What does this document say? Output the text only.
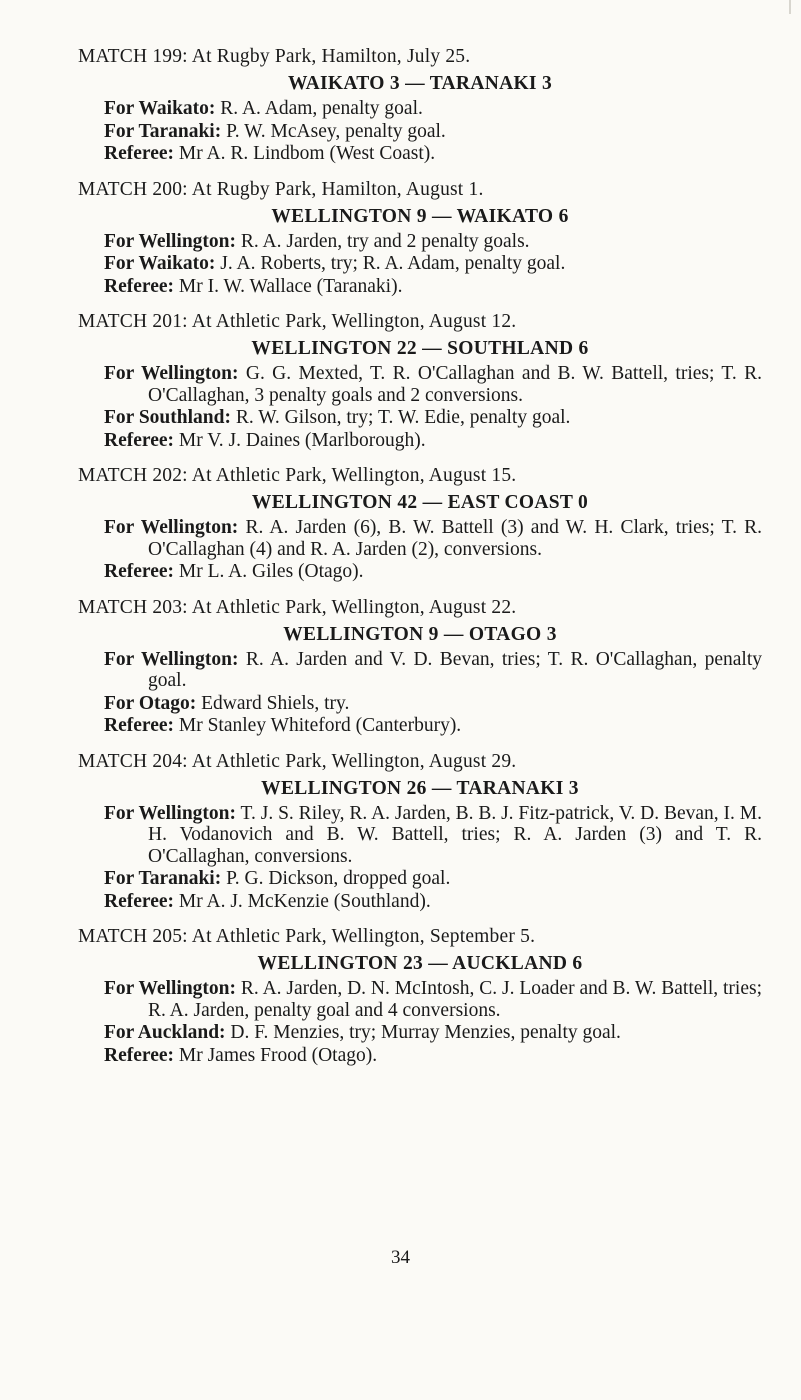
MATCH 199: At Rugby Park, Hamilton, July 25.
WAIKATO 3 — TARANAKI 3
For Waikato: R. A. Adam, penalty goal.
For Taranaki: P. W. McAsey, penalty goal.
Referee: Mr A. R. Lindbom (West Coast).
MATCH 200: At Rugby Park, Hamilton, August 1.
WELLINGTON 9 — WAIKATO 6
For Wellington: R. A. Jarden, try and 2 penalty goals.
For Waikato: J. A. Roberts, try; R. A. Adam, penalty goal.
Referee: Mr I. W. Wallace (Taranaki).
MATCH 201: At Athletic Park, Wellington, August 12.
WELLINGTON 22 — SOUTHLAND 6
For Wellington: G. G. Mexted, T. R. O'Callaghan and B. W. Battell, tries; T. R. O'Callaghan, 3 penalty goals and 2 conversions.
For Southland: R. W. Gilson, try; T. W. Edie, penalty goal.
Referee: Mr V. J. Daines (Marlborough).
MATCH 202: At Athletic Park, Wellington, August 15.
WELLINGTON 42 — EAST COAST 0
For Wellington: R. A. Jarden (6), B. W. Battell (3) and W. H. Clark, tries; T. R. O'Callaghan (4) and R. A. Jarden (2), conversions.
Referee: Mr L. A. Giles (Otago).
MATCH 203: At Athletic Park, Wellington, August 22.
WELLINGTON 9 — OTAGO 3
For Wellington: R. A. Jarden and V. D. Bevan, tries; T. R. O'Callaghan, penalty goal.
For Otago: Edward Shiels, try.
Referee: Mr Stanley Whiteford (Canterbury).
MATCH 204: At Athletic Park, Wellington, August 29.
WELLINGTON 26 — TARANAKI 3
For Wellington: T. J. S. Riley, R. A. Jarden, B. B. J. Fitz-patrick, V. D. Bevan, I. M. H. Vodanovich and B. W. Battell, tries; R. A. Jarden (3) and T. R. O'Callaghan, conversions.
For Taranaki: P. G. Dickson, dropped goal.
Referee: Mr A. J. McKenzie (Southland).
MATCH 205: At Athletic Park, Wellington, September 5.
WELLINGTON 23 — AUCKLAND 6
For Wellington: R. A. Jarden, D. N. McIntosh, C. J. Loader and B. W. Battell, tries; R. A. Jarden, penalty goal and 4 conversions.
For Auckland: D. F. Menzies, try; Murray Menzies, penalty goal.
Referee: Mr James Frood (Otago).
34
